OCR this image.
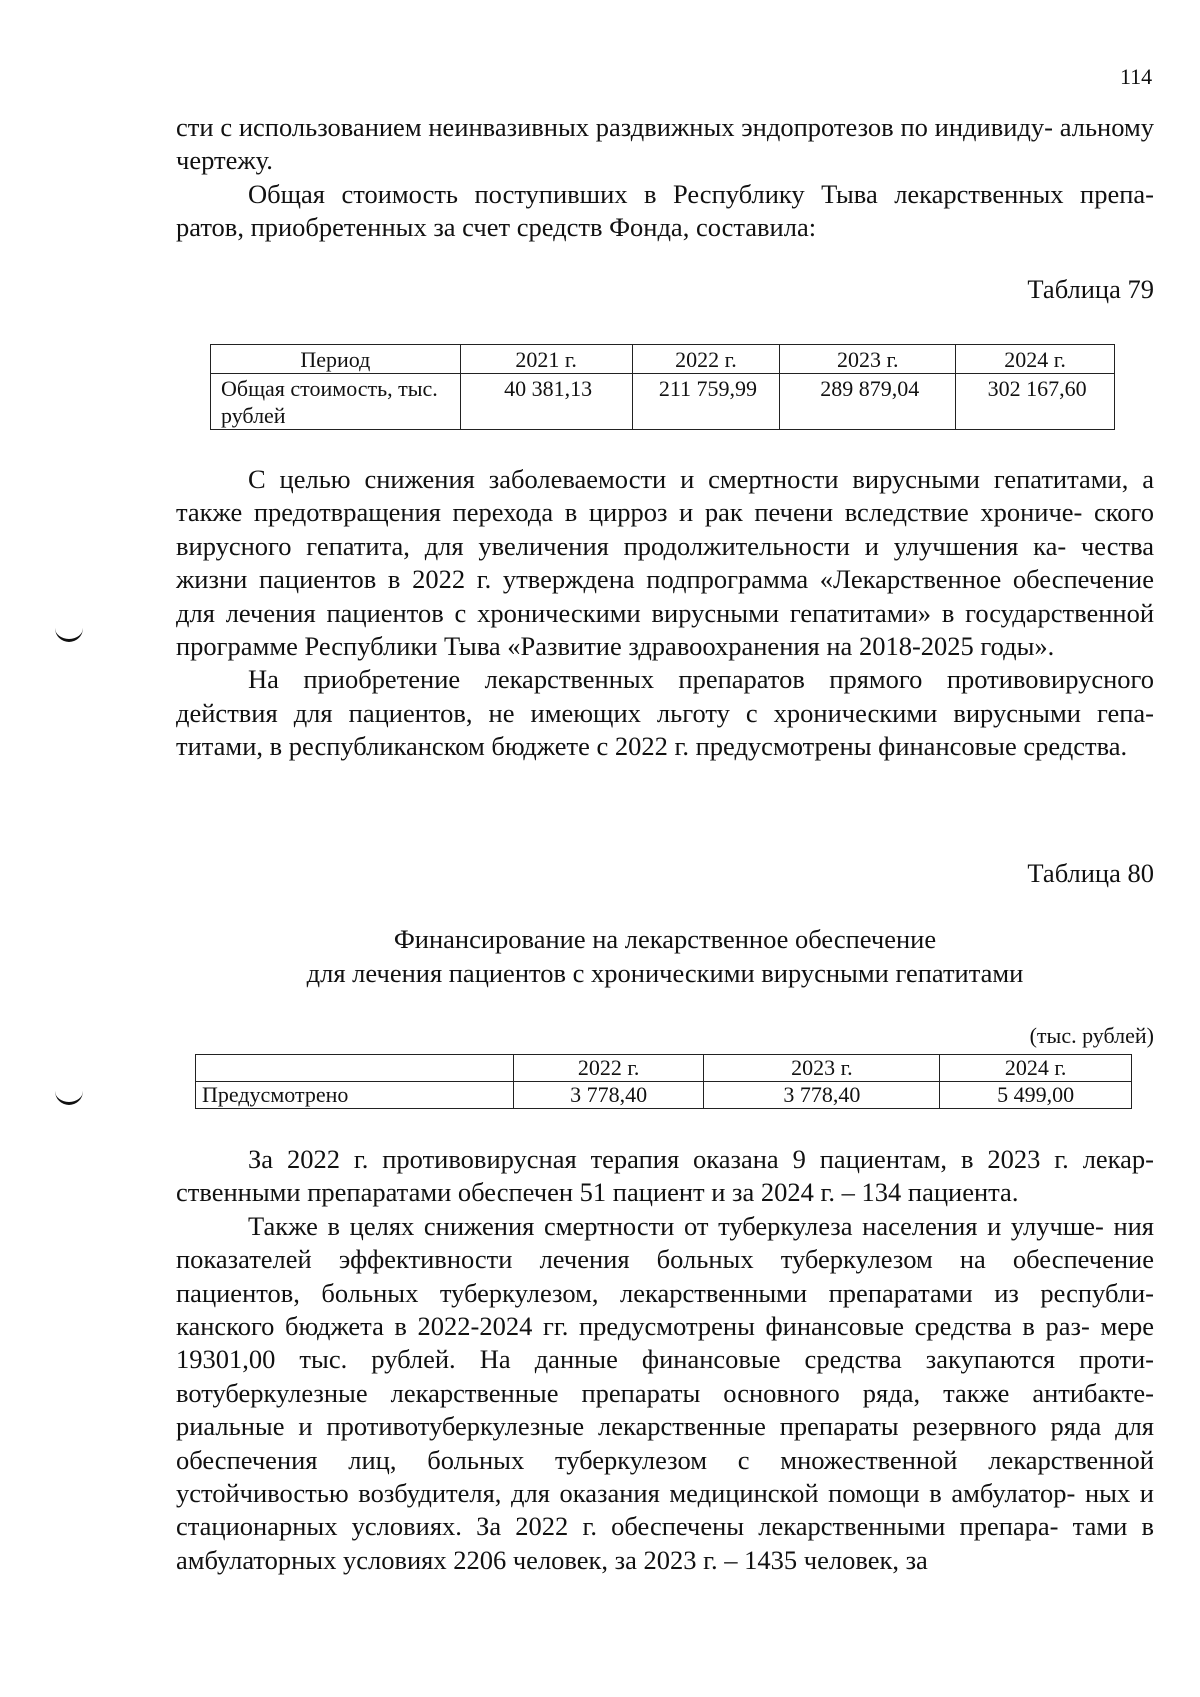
114

сти с использованием неинвазивных раздвижных эндопротезов по индивиду- альному чертежу.

Общая стоимость поступивших в Республику Тыва лекарственных препа- ратов, приобретенных за счет средств Фонда, составила:

Таблица 79
Период	2021 г.	2022 г.	2023 г.	2024 г.
Общая стоимость, тыс. рублей	40 381,13	211 759,99	289 879,04	302 167,60

С целью снижения заболеваемости и смертности вирусными гепатитами, а также предотвращения перехода в цирроз и рак печени вследствие хрониче- ского вирусного гепатита, для увеличения продолжительности и улучшения ка- чества жизни пациентов в 2022 г. утверждена подпрограмма «Лекарственное обеспечение для лечения пациентов с хроническими вирусными гепатитами» в государственной программе Республики Тыва «Развитие здравоохранения на 2018-2025 годы».

На приобретение лекарственных препаратов прямого противовирусного действия для пациентов, не имеющих льготу с хроническими вирусными гепа- титами, в республиканском бюджете с 2022 г. предусмотрены финансовые средства.

Таблица 80
Финансирование на лекарственное обеспечение
для лечения пациентов с хроническими вирусными гепатитами
(тыс. рублей)
	2022 г.	2023 г.	2024 г.
Предусмотрено	3 778,40	3 778,40	5 499,00

За 2022 г. противовирусная терапия оказана 9 пациентам, в 2023 г. лекар- ственными препаратами обеспечен 51 пациент и за 2024 г. – 134 пациента.

Также в целях снижения смертности от туберкулеза населения и улучше- ния показателей эффективности лечения больных туберкулезом на обеспечение пациентов, больных туберкулезом, лекарственными препаратами из республи- канского бюджета в 2022-2024 гг. предусмотрены финансовые средства в раз- мере 19301,00 тыс. рублей. На данные финансовые средства закупаются проти- вотуберкулезные лекарственные препараты основного ряда, также антибакте- риальные и противотуберкулезные лекарственные препараты резервного ряда для обеспечения лиц, больных туберкулезом с множественной лекарственной устойчивостью возбудителя, для оказания медицинской помощи в амбулатор- ных и стационарных условиях. За 2022 г. обеспечены лекарственными препара- тами в амбулаторных условиях 2206 человек, за 2023 г. – 1435 человек, за
